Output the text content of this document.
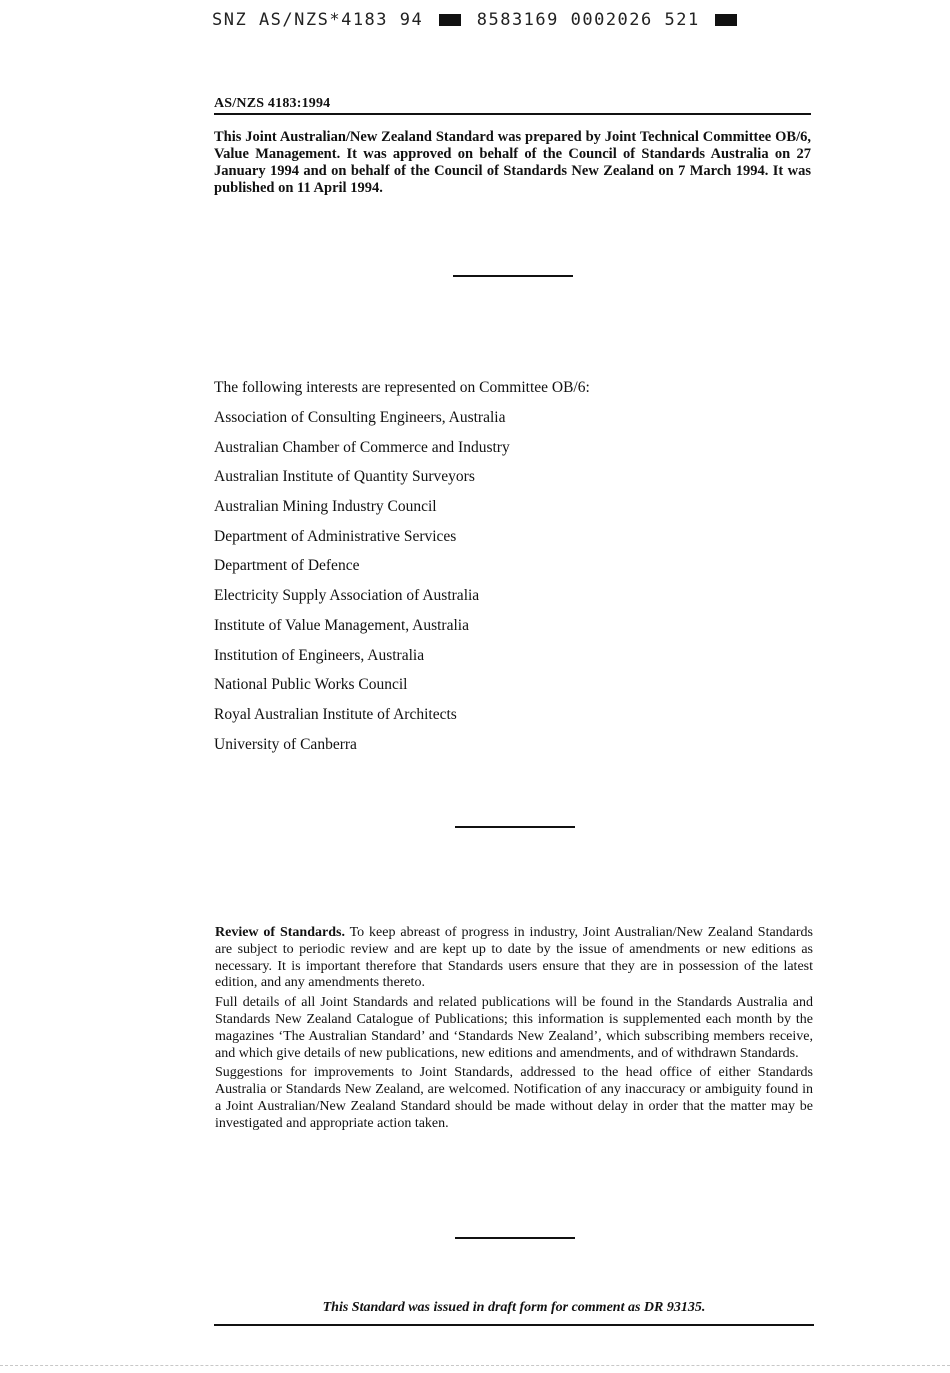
SNZ AS/NZS*4183 94	8583169 0002026 521
AS/NZS 4183:1994

This Joint Australian/New Zealand Standard was prepared by Joint Technical Committee OB/6, Value Management. It was approved on behalf of the Council of Standards Australia on 27 January 1994 and on behalf of the Council of Standards New Zealand on 7 March 1994. It was published on 11 April 1994.

The following interests are represented on Committee OB/6:

Association of Consulting Engineers, Australia
Australian Chamber of Commerce and Industry
Australian Institute of Quantity Surveyors
Australian Mining Industry Council
Department of Administrative Services
Department of Defence
Electricity Supply Association of Australia
Institute of Value Management, Australia
Institution of Engineers, Australia
National Public Works Council
Royal Australian Institute of Architects
University of Canberra

Review of Standards. To keep abreast of progress in industry, Joint Australian/New Zealand Standards are subject to periodic review and are kept up to date by the issue of amendments or new editions as necessary. It is important therefore that Standards users ensure that they are in possession of the latest edition, and any amendments thereto.

Full details of all Joint Standards and related publications will be found in the Standards Australia and Standards New Zealand Catalogue of Publications; this information is supplemented each month by the magazines ‘The Australian Standard’ and ‘Standards New Zealand’, which subscribing members receive, and which give details of new publications, new editions and amendments, and of withdrawn Standards.

Suggestions for improvements to Joint Standards, addressed to the head office of either Standards Australia or Standards New Zealand, are welcomed. Notification of any inaccuracy or ambiguity found in a Joint Australian/New Zealand Standard should be made without delay in order that the matter may be investigated and appropriate action taken.

This Standard was issued in draft form for comment as DR 93135.
